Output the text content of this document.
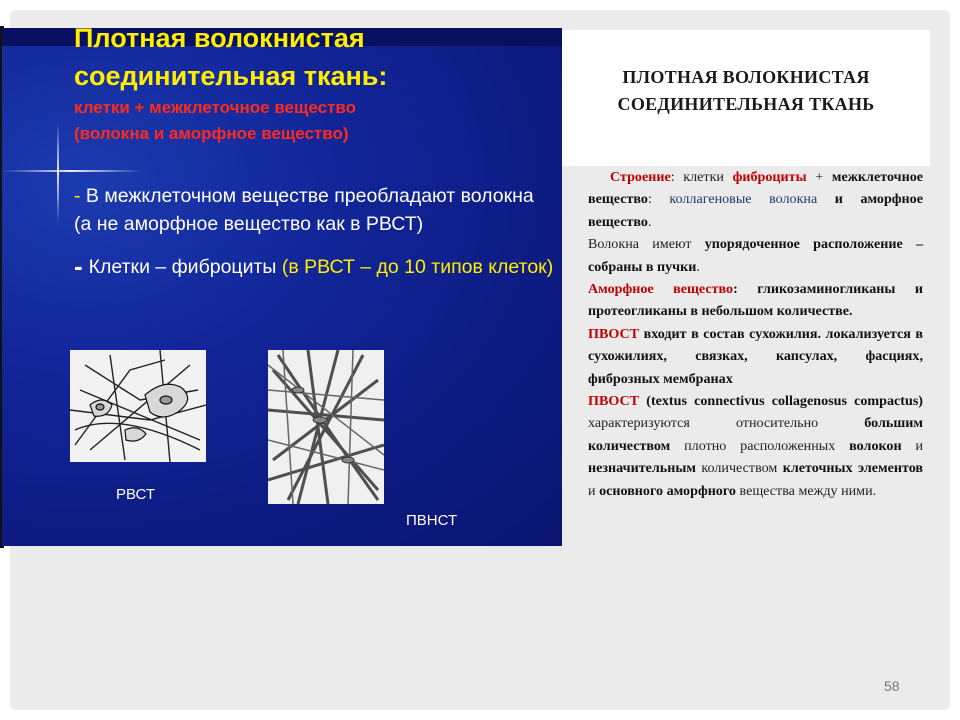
ПЛОТНАЯ ВОЛОКНИСТАЯ
СОЕДИНИТЕЛЬНАЯ ТКАНЬ
Плотная волокнистая
соединительная ткань:
клетки + межклеточное вещество
(волокна и аморфное вещество)
- В межклеточном веществе преобладают волокна (а не аморфное вещество как в РВСТ)
- Клетки – фиброциты (в РВСТ – до 10 типов клеток)
РВСТ
ПВНСТ

Строение: клетки фиброциты + межклеточное вещество: коллагеновые волокна и аморфное вещество.

Волокна имеют упорядоченное расположение – собраны в пучки.

Аморфное вещество: гликозаминогликаны и протеогликаны в небольшом количестве.

ПВОСТ входит в состав сухожилия. локализуется в сухожилиях, связках, капсулах, фасциях, фиброзных мембранах

ПВОСТ (textus connectivus collagenosus compactus) характеризуются относительно большим количеством плотно расположенных волокон и незначительным количеством клеточных элементов и основного аморфного вещества между ними.

58
